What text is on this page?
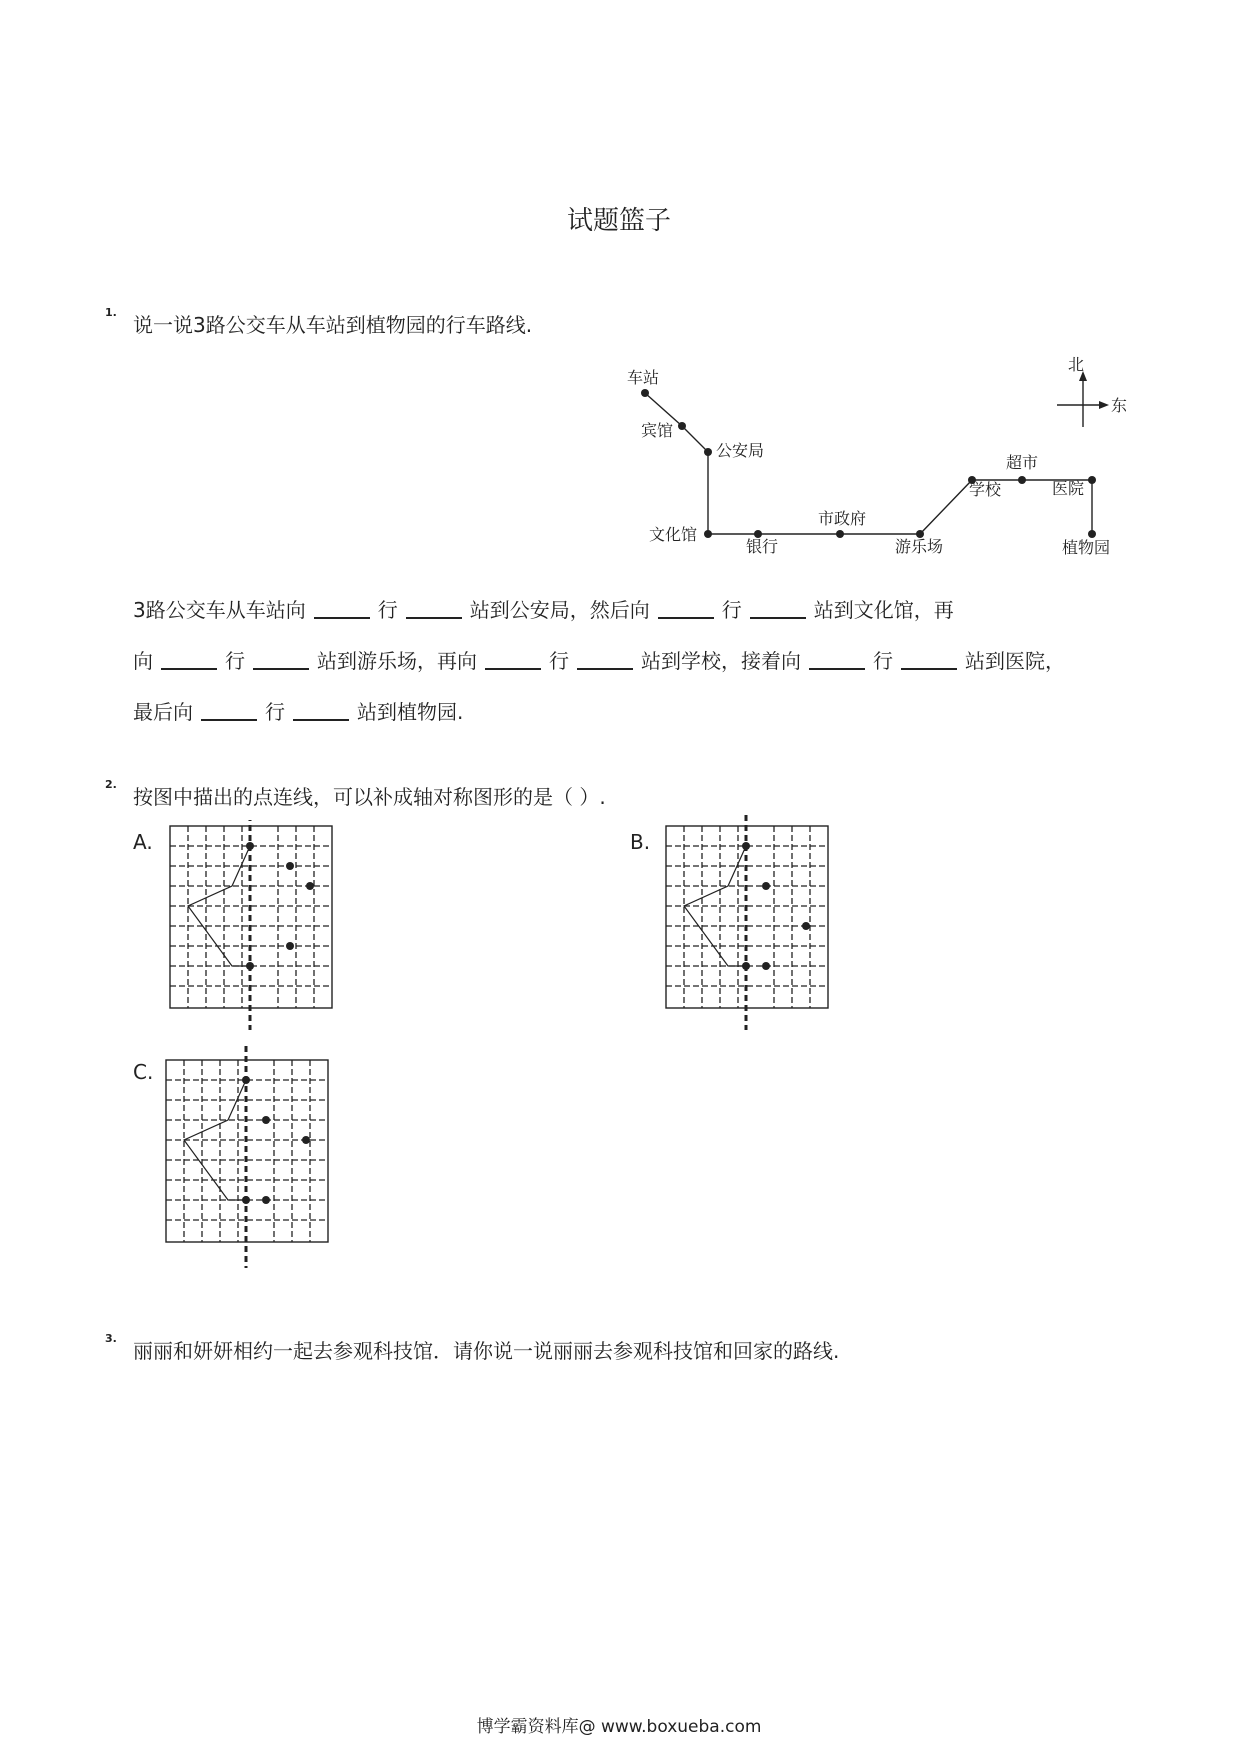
试题篮子
1.
说一说3路公交车从车站到植物园的行车路线.
北
东
车站
宾馆
公安局
文化馆
银行
市政府
游乐场
学校
超市
医院
植物园
3路公交车从车站向	行	站到公安局，然后向	行	站到文化馆，再
向	行	站到游乐场，再向	行	站到学校，接着向	行	站到医院，
最后向	行	站到植物园.
2.
按图中描出的点连线，可以补成轴对称图形的是（ ）.
A.	B.
C.
3.
丽丽和妍妍相约一起去参观科技馆．请你说一说丽丽去参观科技馆和回家的路线.
博学霸资料库@ www.boxueba.com
